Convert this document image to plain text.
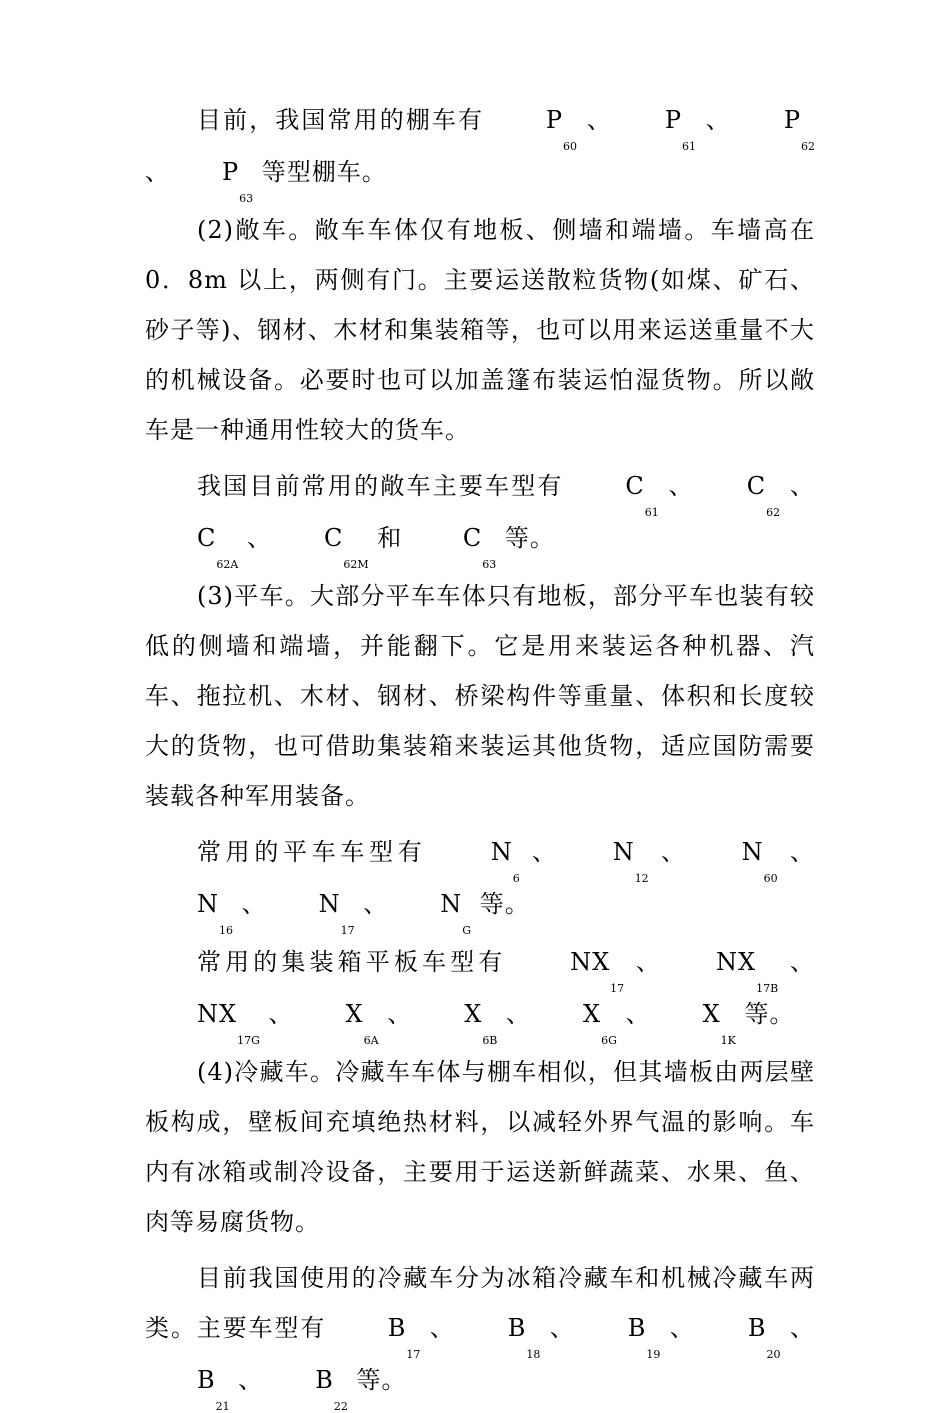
目前，我国常用的棚车有 $P_{60}$ 、 $P_{61}$ 、 $P_{62}$ 、 $P_{63}$ 等型棚车。

(2)敞车。敞车车体仅有地板、侧墙和端墙。车墙高在 0．8m 以上，两侧有门。主要运送散粒货物(如煤、矿石、砂子等)、钢材、木材和集装箱等，也可以用来运送重量不大的机械设备。必要时也可以加盖篷布装运怕湿货物。所以敞车是一种通用性较大的货车。

我国目前常用的敞车主要车型有 $C_{61}$ 、 $C_{62}$ 、$C_{62A}$ 、 $C_{62M}$ 和 $C_{63}$ 等。

(3)平车。大部分平车车体只有地板，部分平车也装有较低的侧墙和端墙，并能翻下。它是用来装运各种机器、汽车、拖拉机、木材、钢材、桥梁构件等重量、体积和长度较大的货物，也可借助集装箱来装运其他货物，适应国防需要装载各种军用装备。

常用的平车车型有 $N_6$ 、 $N_{12}$ 、 $N_{60}$ 、$N_{16}$ 、 $N_{17}$ 、 $N_G$ 等。

常用的集装箱平板车型有 $NX_{17}$ 、 $NX_{17B}$ 、$NX_{17G}$ 、 $X_{6A}$ 、 $X_{6B}$ 、 $X_{6G}$ 、 $X_{1K}$ 等。

(4)冷藏车。冷藏车车体与棚车相似，但其墙板由两层壁板构成，壁板间充填绝热材料，以减轻外界气温的影响。车内有冰箱或制冷设备，主要用于运送新鲜蔬菜、水果、鱼、肉等易腐货物。

目前我国使用的冷藏车分为冰箱冷藏车和机械冷藏车两类。主要车型有 $B_{17}$ 、 $B_{18}$ 、 $B_{19}$ 、 $B_{20}$ 、$B_{21}$ 、 $B_{22}$ 等。
